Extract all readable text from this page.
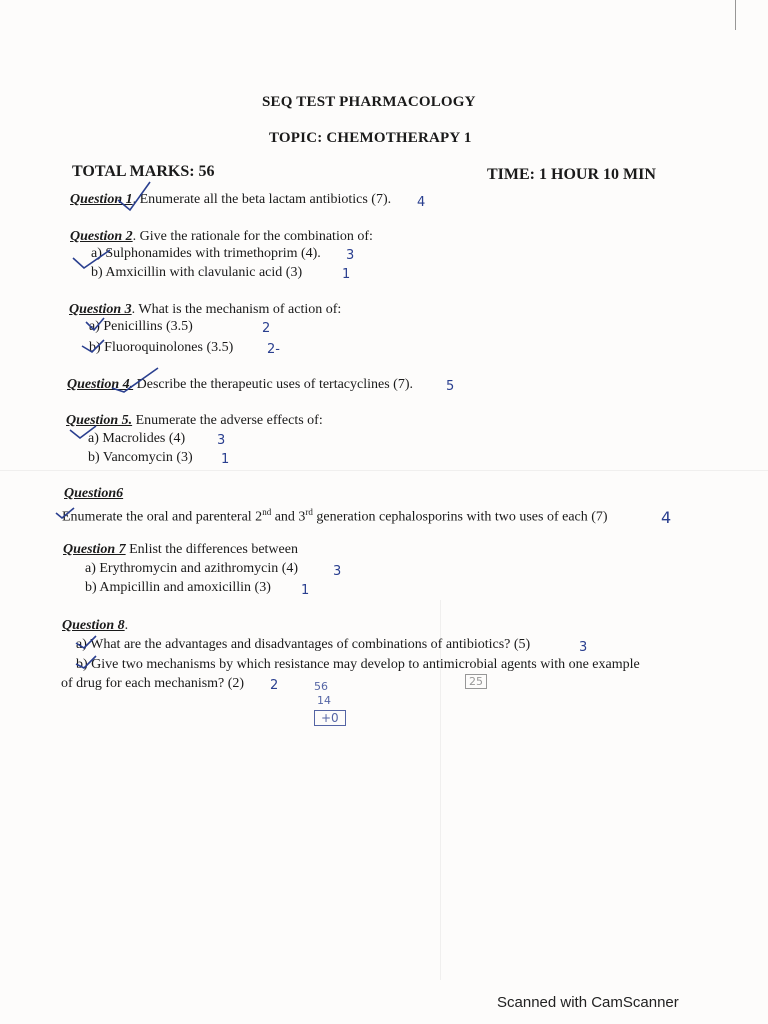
SEQ TEST PHARMACOLOGY
TOPIC: CHEMOTHERAPY 1
TOTAL MARKS: 56	TIME: 1 HOUR 10 MIN
Question 1. Enumerate all the beta lactam antibiotics (7). 4
Question 2. Give the rationale for the combination of:
a) Sulphonamides with trimethoprim (4). 3
b) Amxicillin with clavulanic acid (3)	1
Question 3. What is the mechanism of action of:
a) Penicillins (3.5)	2
b) Fluoroquinolones (3.5)	2-
Question 4. Describe the therapeutic uses of tertacyclines (7).	5
Question 5. Enumerate the adverse effects of:
a) Macrolides (4) 3
b) Vancomycin (3) 1
Question6
Enumerate the oral and parenteral 2nd and 3rd generation cephalosporins with two uses of each (7)	4
Question 7 Enlist the differences between
a) Erythromycin and azithromycin (4)	3
b) Ampicillin and amoxicillin (3) 1
Question 8.
a) What are the advantages and disadvantages of combinations of antibiotics? (5)	3
b) Give two mechanisms by which resistance may develop to antimicrobial agents with one example
of drug for each mechanism? (2) 2	56
14
+0
25
Scanned with CamScanner
